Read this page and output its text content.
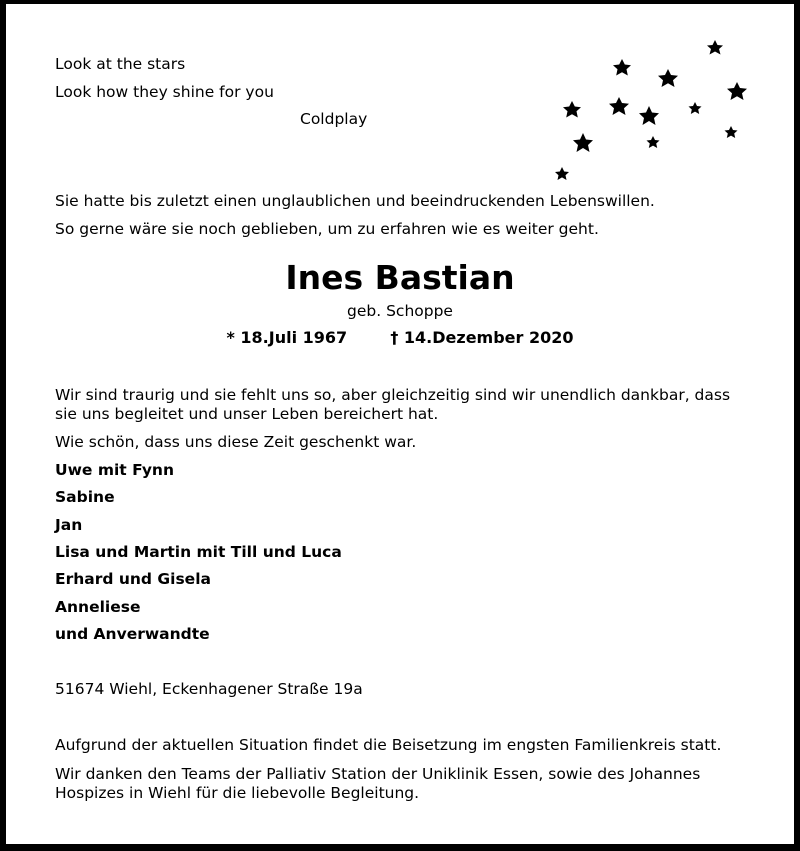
Look at the stars
Look how they shine for you
Coldplay
Sie hatte bis zuletzt einen unglaublichen und beeindruckenden Lebenswillen.
So gerne wäre sie noch geblieben, um zu erfahren wie es weiter geht.
Ines Bastian
geb. Schoppe
* 18.Juli 1967	† 14.Dezember 2020
Wir sind traurig und sie fehlt uns so, aber gleichzeitig sind wir unendlich dankbar, dass
sie uns begleitet und unser Leben bereichert hat.
Wie schön, dass uns diese Zeit geschenkt war.
Uwe mit Fynn
Sabine
Jan
Lisa und Martin mit Till und Luca
Erhard und Gisela
Anneliese
und Anverwandte
51674 Wiehl, Eckenhagener Straße 19a
Aufgrund der aktuellen Situation findet die Beisetzung im engsten Familienkreis statt.
Wir danken den Teams der Palliativ Station der Uniklinik Essen, sowie des Johannes
Hospizes in Wiehl für die liebevolle Begleitung.
